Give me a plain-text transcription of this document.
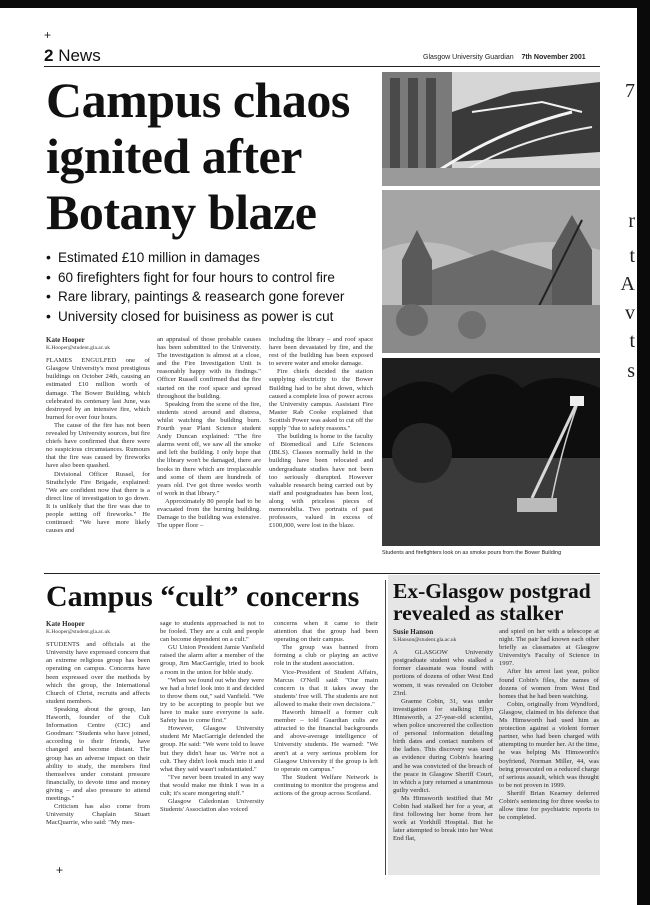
7
r
t
A
v
t
s
+
2 News	Glasgow University Guardian 7th November 2001
Campus chaos ignited after Botany blaze
• Estimated £10 million in damages
• 60 firefighters fight for four hours to control fire
• Rare library, paintings & reasearch gone forever
• University closed for buisiness as power is cut
Students and firefighters look on as smoke pours from the Bower Building
Kate Hooper
K.Hooper@student.gla.ac.uk

FLAMES ENGULFED one of Glasgow University's most prestigious buildings on October 24th, causing an estimated £10 million worth of damage. The Bower Building, which celebrated its centenary last June, was destroyed by an intensive fire, which burned for over four hours.

The cause of the fire has not been revealed by University sources, but fire chiefs have confirmed that there were no suspicious circumstances. Rumours that the fire was caused by fireworks have also been quashed.

Divisional Officer Russel, for Strathclyde Fire Brigade, explained: "We are confident now that there is a direct line of investigation to go down. It is unlikely that the fire was due to people setting off fireworks." He continued: "We have more likely causes and

an appraisal of those probable causes has been submitted to the University. The investigation is almost at a close, and the Fire Investigation Unit is reasonably happy with its findings." Officer Russell confirmed that the fire started on the roof space and spread throughout the building.

Speaking from the scene of the fire, students stood around and distress, whilst watching the building burn. Fourth year Plant Science student Andy Duncan explained: "The fire alarms went off, we saw all the smoke and left the building. I only hope that the library won't be damaged, there are books in there which are irreplaceable and some of them are hundreds of years old. I've got three weeks worth of work in that library."

Approximately 80 people had to be evacuated from the burning building. Damage to the building was extensive. The upper floor –

including the library – and roof space have been devastated by fire, and the rest of the building has been exposed to severe water and smoke damage.

Fire chiefs decided the station supplying electricity to the Bower Building had to be shut down, which caused a complete loss of power across the University campus. Assistant Fire Master Rab Cooke explained that Scottish Power was asked to cut off the supply "due to safety reasons."

The building is home to the faculty of Biomedical and Life Sciences (IBLS). Classes normally held in the building have been relocated and undergraduate studies have not been too seriously disrupted. However valuable research being carried out by staff and postgraduates has been lost, along with priceless pieces of memorabilia. Two portraits of past professors, valued in excess of £100,000, were lost in the blaze.

Campus “cult” concerns
Kate Hooper
K.Hooper@student.gla.ac.uk

STUDENTS and officials at the University have expressed concern that an extreme religious group has been operating on campus. Concerns have been expressed over the methods by which the group, the International Church of Christ, recruits and affects student members.

Speaking about the group, Ian Haworth, founder of the Cult Information Centre (CIC) and Goodman: "Students who have joined, according to their friends, have changed and become distant. The group has an adverse impact on their ability to study, the members find themselves under constant pressure financially, to devote time and money giving – and also pressure to attend meetings."

Criticism has also come from University Chaplain Stuart MacQuarrie, who said: "My mes-

sage to students approached is not to be fooled. They are a cult and people can become dependent on a cult."

GU Union President Jamie Vanfield raised the alarm after a member of the group, Jim MacGarrigle, tried to book a room in the union for bible study.

"When we found out who they were we had a brief look into it and decided to throw them out," said Vanfield. "We try to be accepting to people but we have to make sure everyone is safe. Safety has to come first."

However, Glasgow University student Mr MacGarrigle defended the group. He said: "We were told to leave but they didn't hear us. We're not a cult. They didn't look much into it and what they said wasn't substantiated."

"I've never been treated in any way that would make me think I was in a cult; it's scare mongering stuff."

Glasgow Caledonian University Students' Association also voiced

concerns when it came to their attention that the group had been operating on their campus.

The group was banned from forming a club or playing an active role in the student association.

Vice-President of Student Affairs, Marcus O'Neill said: "Our main concern is that it takes away the students' free will. The students are not allowed to make their own decisions."

Haworth himself a former cult member – told Guardian cults are attracted to the financial backgrounds and above-average intelligence of University students. He warned: "We aren't at a very serious problem for Glasgow University if the group is left to operate on campus."

The Student Welfare Network is continuing to monitor the progress and actions of the group across Scotland.

Ex-Glasgow postgrad revealed as stalker
Susie Hanson
S.Hanson@student.gla.ac.uk

A GLASGOW University postgraduate student who stalked a former classmate was found with portions of dozens of other West End women, it was revealed on October 23rd.

Graeme Cobin, 31, was under investigation for stalking Ellyn Himsworth, a 27-year-old scientist, when police uncovered the collection of personal information detailing birth dates and contact numbers of the ladies. This discovery was used as evidence during Cobin's hearing and he was convicted of the breach of the peace in Glasgow Sheriff Court, in which a jury returned a unanimous guilty verdict.

Ms Himsworth testified that Mr Cobin had stalked her for a year, at first following her home from her work at Yorkhill Hospital. But he later attempted to break into her West End flat,

and spied on her with a telescope at night. The pair had known each other briefly as classmates at Glasgow University's Faculty of Science in 1997.

After his arrest last year, police found Cobin's files, the names of dozens of women from West End homes that he had been watching.

Cobin, originally from Wyndford, Glasgow, claimed in his defence that Ms Himsworth had used him as protection against a violent former partner, who had been charged with attempting to murder her. At the time, he was helping Ms Himsworth's boyfriend, Norman Miller, 44, was being prosecuted on a reduced charge of serious assault, which was thought to be not proven in 1999.

Sheriff Brian Kearney deferred Cobin's sentencing for three weeks to allow time for psychiatric reports to be completed.

+
